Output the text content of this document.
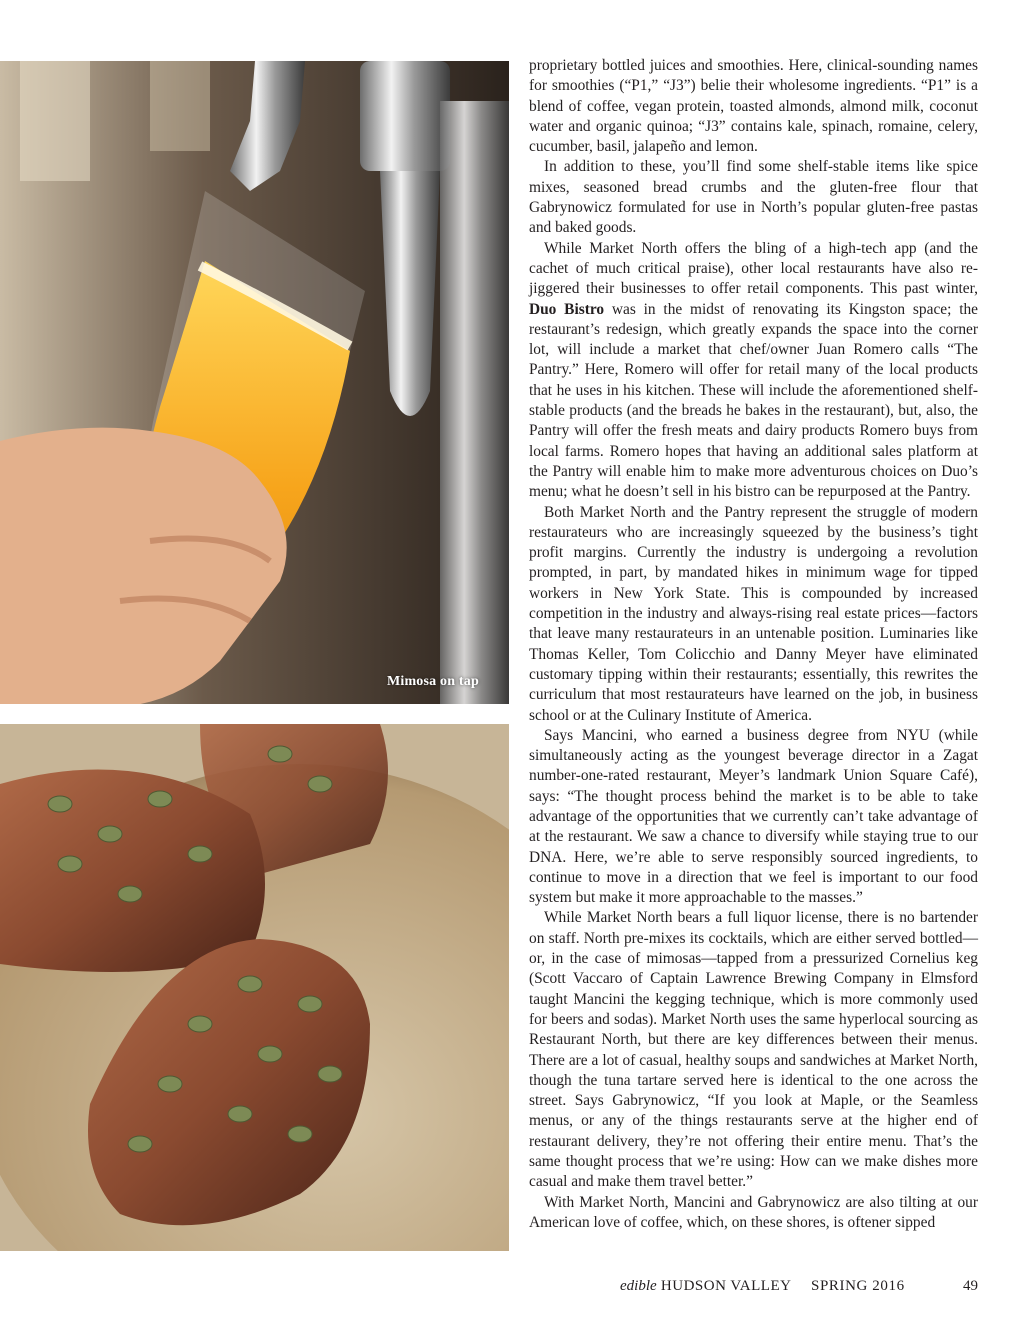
Mimosa on tap

proprietary bottled juices and smoothies. Here, clinical-sounding names for smoothies (“P1,” “J3”) belie their wholesome ingredients. “P1” is a blend of coffee, vegan protein, toasted almonds, almond milk, coconut water and organic quinoa; “J3” contains kale, spinach, romaine, celery, cucumber, basil, jalapeño and lemon.

In addition to these, you’ll find some shelf-stable items like spice mixes, seasoned bread crumbs and the gluten-free flour that Gabrynowicz formulated for use in North’s popular gluten-free pastas and baked goods.

While Market North offers the bling of a high-tech app (and the cachet of much critical praise), other local restaurants have also re-jiggered their businesses to offer retail components. This past winter, Duo Bistro was in the midst of renovating its Kingston space; the restaurant’s redesign, which greatly expands the space into the corner lot, will include a market that chef/owner Juan Romero calls “The Pantry.” Here, Romero will offer for retail many of the local products that he uses in his kitchen. These will include the aforementioned shelf-stable products (and the breads he bakes in the restaurant), but, also, the Pantry will offer the fresh meats and dairy products Romero buys from local farms. Romero hopes that having an additional sales platform at the Pantry will enable him to make more adventurous choices on Duo’s menu; what he doesn’t sell in his bistro can be repurposed at the Pantry.

Both Market North and the Pantry represent the struggle of modern restaurateurs who are increasingly squeezed by the business’s tight profit margins. Currently the industry is undergoing a revolution prompted, in part, by mandated hikes in minimum wage for tipped workers in New York State. This is compounded by increased competition in the industry and always-rising real estate prices—factors that leave many restaurateurs in an untenable position. Luminaries like Thomas Keller, Tom Colicchio and Danny Meyer have eliminated customary tipping within their restaurants; essentially, this rewrites the curriculum that most restaurateurs have learned on the job, in business school or at the Culinary Institute of America.

Says Mancini, who earned a business degree from NYU (while simultaneously acting as the youngest beverage director in a Zagat number-one-rated restaurant, Meyer’s landmark Union Square Café), says: “The thought process behind the market is to be able to take advantage of the opportunities that we currently can’t take advantage of at the restaurant. We saw a chance to diversify while staying true to our DNA. Here, we’re able to serve responsibly sourced ingredients, to continue to move in a direction that we feel is important to our food system but make it more approachable to the masses.”

While Market North bears a full liquor license, there is no bartender on staff. North pre-mixes its cocktails, which are either served bottled—or, in the case of mimosas—tapped from a pressurized Cornelius keg (Scott Vaccaro of Captain Lawrence Brewing Company in Elmsford taught Mancini the kegging technique, which is more commonly used for beers and sodas). Market North uses the same hyperlocal sourcing as Restaurant North, but there are key differences between their menus. There are a lot of casual, healthy soups and sandwiches at Market North, though the tuna tartare served here is identical to the one across the street. Says Gabrynowicz, “If you look at Maple, or the Seamless menus, or any of the things restaurants serve at the higher end of restaurant delivery, they’re not offering their entire menu. That’s the same thought process that we’re using: How can we make dishes more casual and make them travel better.”

With Market North, Mancini and Gabrynowicz are also tilting at our American love of coffee, which, on these shores, is oftener sipped

edible HUDSON VALLEY SPRING 2016	49
